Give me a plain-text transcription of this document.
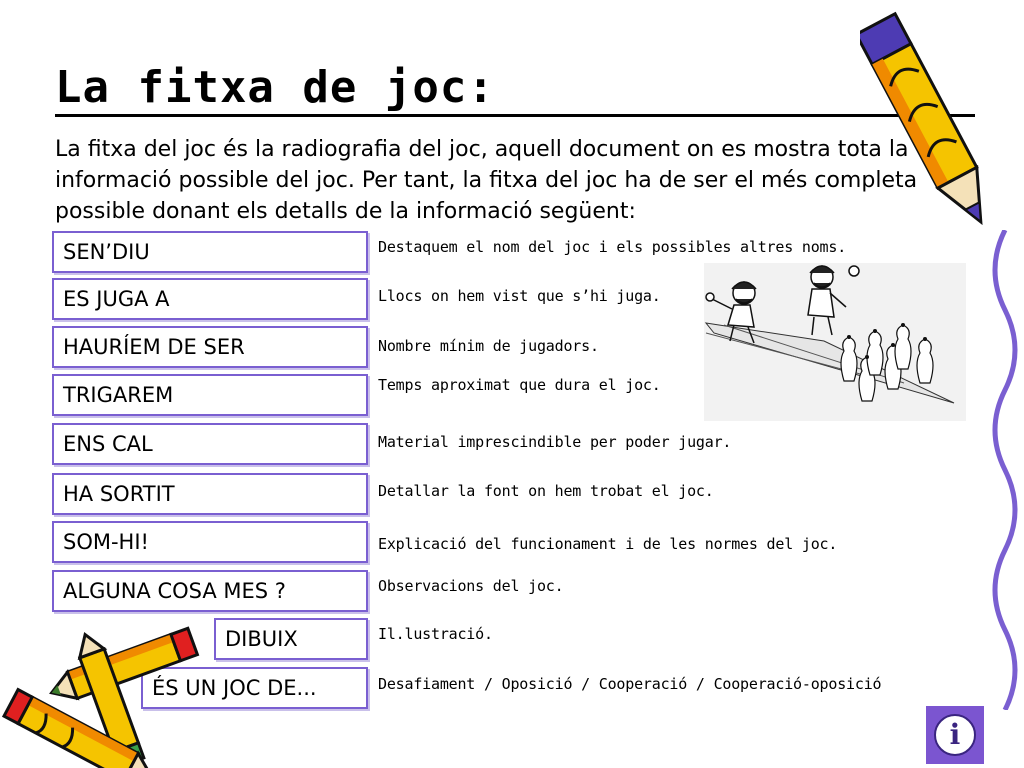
La fitxa de joc:

La fitxa del joc és la radiografia del joc, aquell document on es mostra tota la informació possible del joc. Per tant, la fitxa del joc ha de ser el més completa possible donant els detalls de la informació següent:

SEN’DIU
ES JUGA A
HAURÍEM DE SER
TRIGAREM
ENS CAL
HA SORTIT
SOM-HI!
ALGUNA COSA MES ?
DIBUIX
ÉS UN JOC DE...
Destaquem el nom del joc i els possibles altres noms.
Llocs on hem vist que s’hi juga.
Nombre mínim de jugadors.
Temps aproximat que dura el joc.
Material imprescindible per poder jugar.
Detallar la font on hem trobat el joc.
Explicació del funcionament i de les normes del joc.
Observacions del joc.
Il.lustració.
Desafiament / Oposició / Cooperació / Cooperació-oposició
i
